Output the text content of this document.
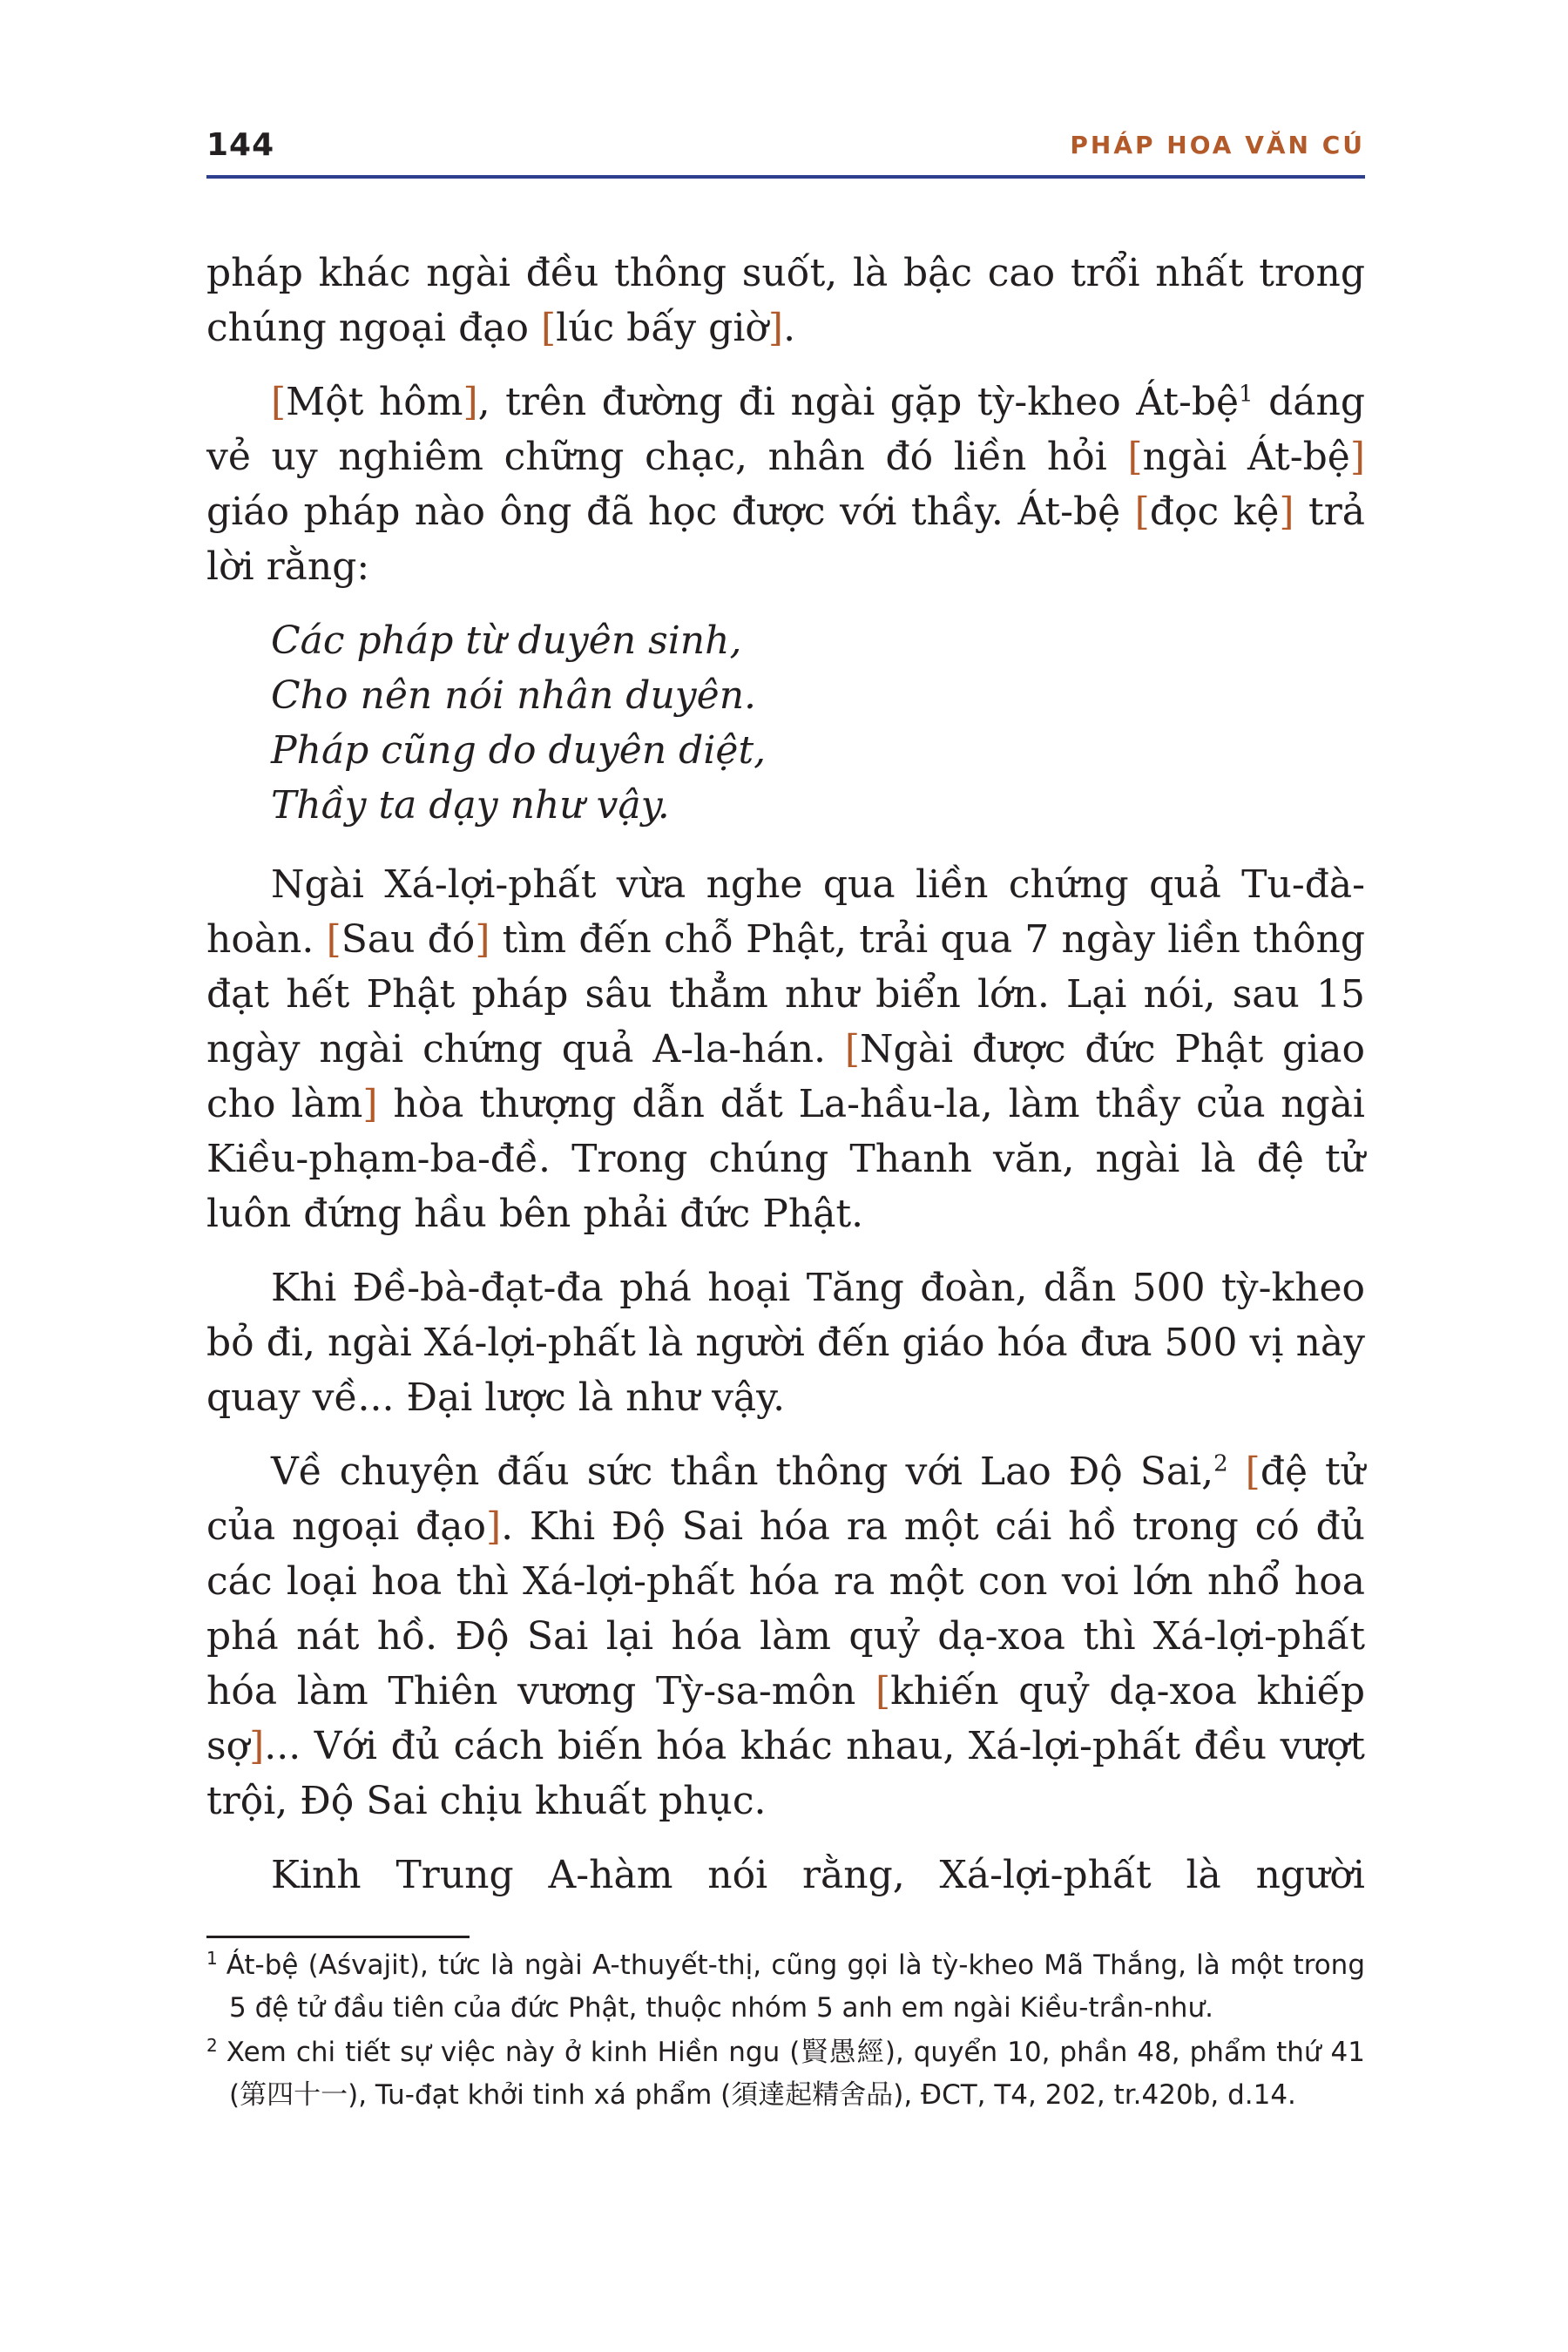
144	PHÁP HOA VĂN CÚ

pháp khác ngài đều thông suốt, là bậc cao trổi nhất trong chúng ngoại đạo [lúc bấy giờ].

[Một hôm], trên đường đi ngài gặp tỳ-kheo Át-bệ$^1$ dáng vẻ uy nghiêm chững chạc, nhân đó liền hỏi [ngài Át-bệ] giáo pháp nào ông đã học được với thầy. Át-bệ [đọc kệ] trả lời rằng:

Các pháp từ duyên sinh,
Cho nên nói nhân duyên.
Pháp cũng do duyên diệt,
Thầy ta dạy như vậy.

Ngài Xá-lợi-phất vừa nghe qua liền chứng quả Tu-đà-hoàn. [Sau đó] tìm đến chỗ Phật, trải qua 7 ngày liền thông đạt hết Phật pháp sâu thẳm như biển lớn. Lại nói, sau 15 ngày ngài chứng quả A-la-hán. [Ngài được đức Phật giao cho làm] hòa thượng dẫn dắt La-hầu-la, làm thầy của ngài Kiều-phạm-ba-đề. Trong chúng Thanh văn, ngài là đệ tử luôn đứng hầu bên phải đức Phật.

Khi Đề-bà-đạt-đa phá hoại Tăng đoàn, dẫn 500 tỳ-kheo bỏ đi, ngài Xá-lợi-phất là người đến giáo hóa đưa 500 vị này quay về... Đại lược là như vậy.

Về chuyện đấu sức thần thông với Lao Độ Sai,$^2$ [đệ tử của ngoại đạo]. Khi Độ Sai hóa ra một cái hồ trong có đủ các loại hoa thì Xá-lợi-phất hóa ra một con voi lớn nhổ hoa phá nát hồ. Độ Sai lại hóa làm quỷ dạ-xoa thì Xá-lợi-phất hóa làm Thiên vương Tỳ-sa-môn [khiến quỷ dạ-xoa khiếp sợ]... Với đủ cách biến hóa khác nhau, Xá-lợi-phất đều vượt trội, Độ Sai chịu khuất phục.

Kinh Trung A-hàm nói rằng, Xá-lợi-phất là người

$^1$ Át-bệ (Aśvajit), tức là ngài A-thuyết-thị, cũng gọi là tỳ-kheo Mã Thắng, là một trong 5 đệ tử đầu tiên của đức Phật, thuộc nhóm 5 anh em ngài Kiều-trần-như.

$^2$ Xem chi tiết sự việc này ở kinh Hiền ngu (賢愚經), quyển 10, phần 48, phẩm thứ 41 (第四十一), Tu-đạt khởi tinh xá phẩm (須達起精舍品), ĐCT, T4, 202, tr.420b, d.14.
